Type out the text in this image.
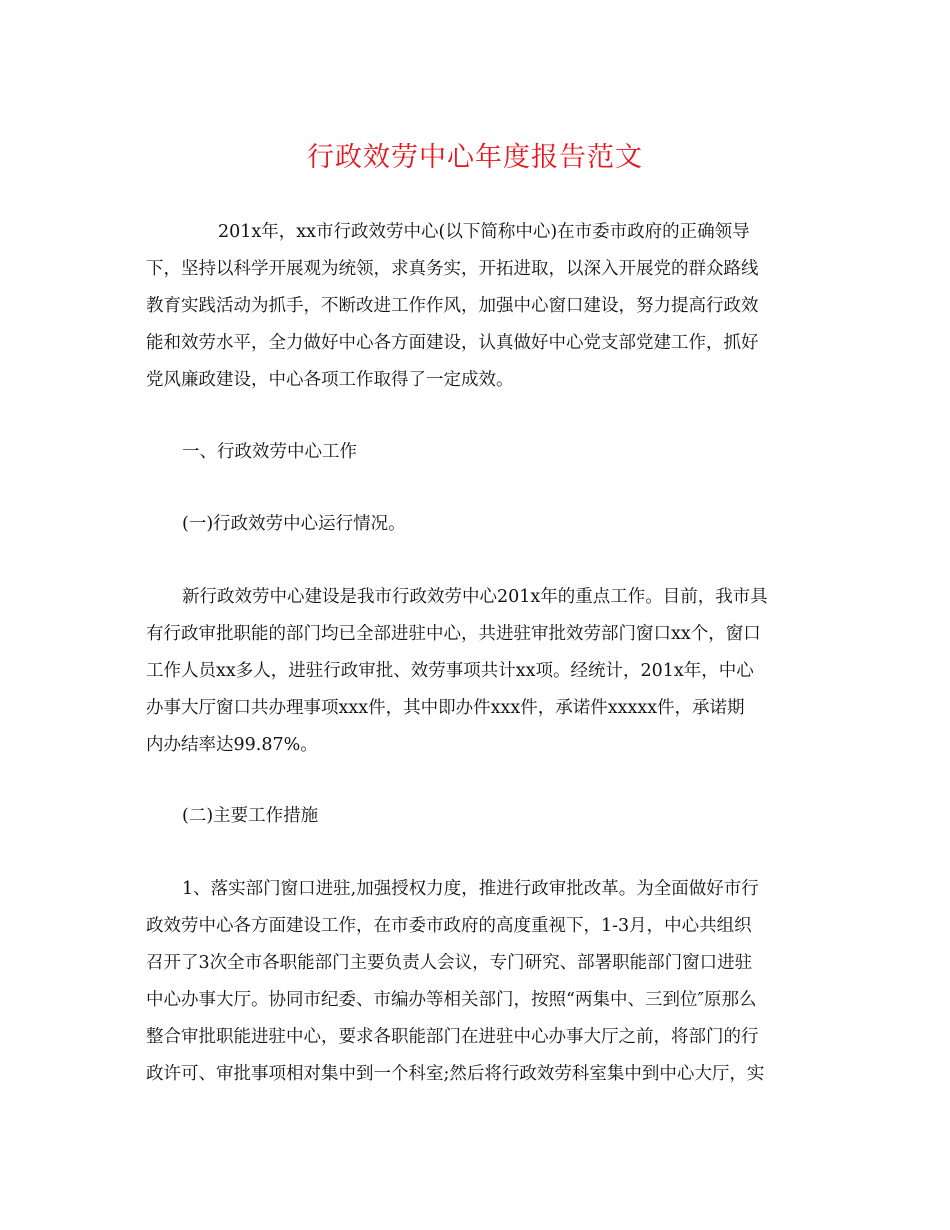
行政效劳中心年度报告范文

201x年，xx市行政效劳中心(以下简称中心)在市委市政府的正确领导

下，坚持以科学开展观为统领，求真务实，开拓进取，以深入开展党的群众路线

教育实践活动为抓手，不断改进工作作风，加强中心窗口建设，努力提高行政效

能和效劳水平，全力做好中心各方面建设，认真做好中心党支部党建工作，抓好

党风廉政建设，中心各项工作取得了一定成效。

一、行政效劳中心工作

(一)行政效劳中心运行情况。

新行政效劳中心建设是我市行政效劳中心201x年的重点工作。目前，我市具

有行政审批职能的部门均已全部进驻中心，共进驻审批效劳部门窗口xx个，窗口

工作人员xx多人，进驻行政审批、效劳事项共计xx项。经统计，201x年，中心

办事大厅窗口共办理事项xxx件，其中即办件xxx件，承诺件xxxxx件，承诺期

内办结率达99.87%。

(二)主要工作措施

1、落实部门窗口进驻,加强授权力度，推进行政审批改革。为全面做好市行

政效劳中心各方面建设工作，在市委市政府的高度重视下，1-3月，中心共组织

召开了3次全市各职能部门主要负责人会议，专门研究、部署职能部门窗口进驻

中心办事大厅。协同市纪委、市编办等相关部门，按照“两集中、三到位″原那么

整合审批职能进驻中心，要求各职能部门在进驻中心办事大厅之前，将部门的行

政许可、审批事项相对集中到一个科室;然后将行政效劳科室集中到中心大厅，实
